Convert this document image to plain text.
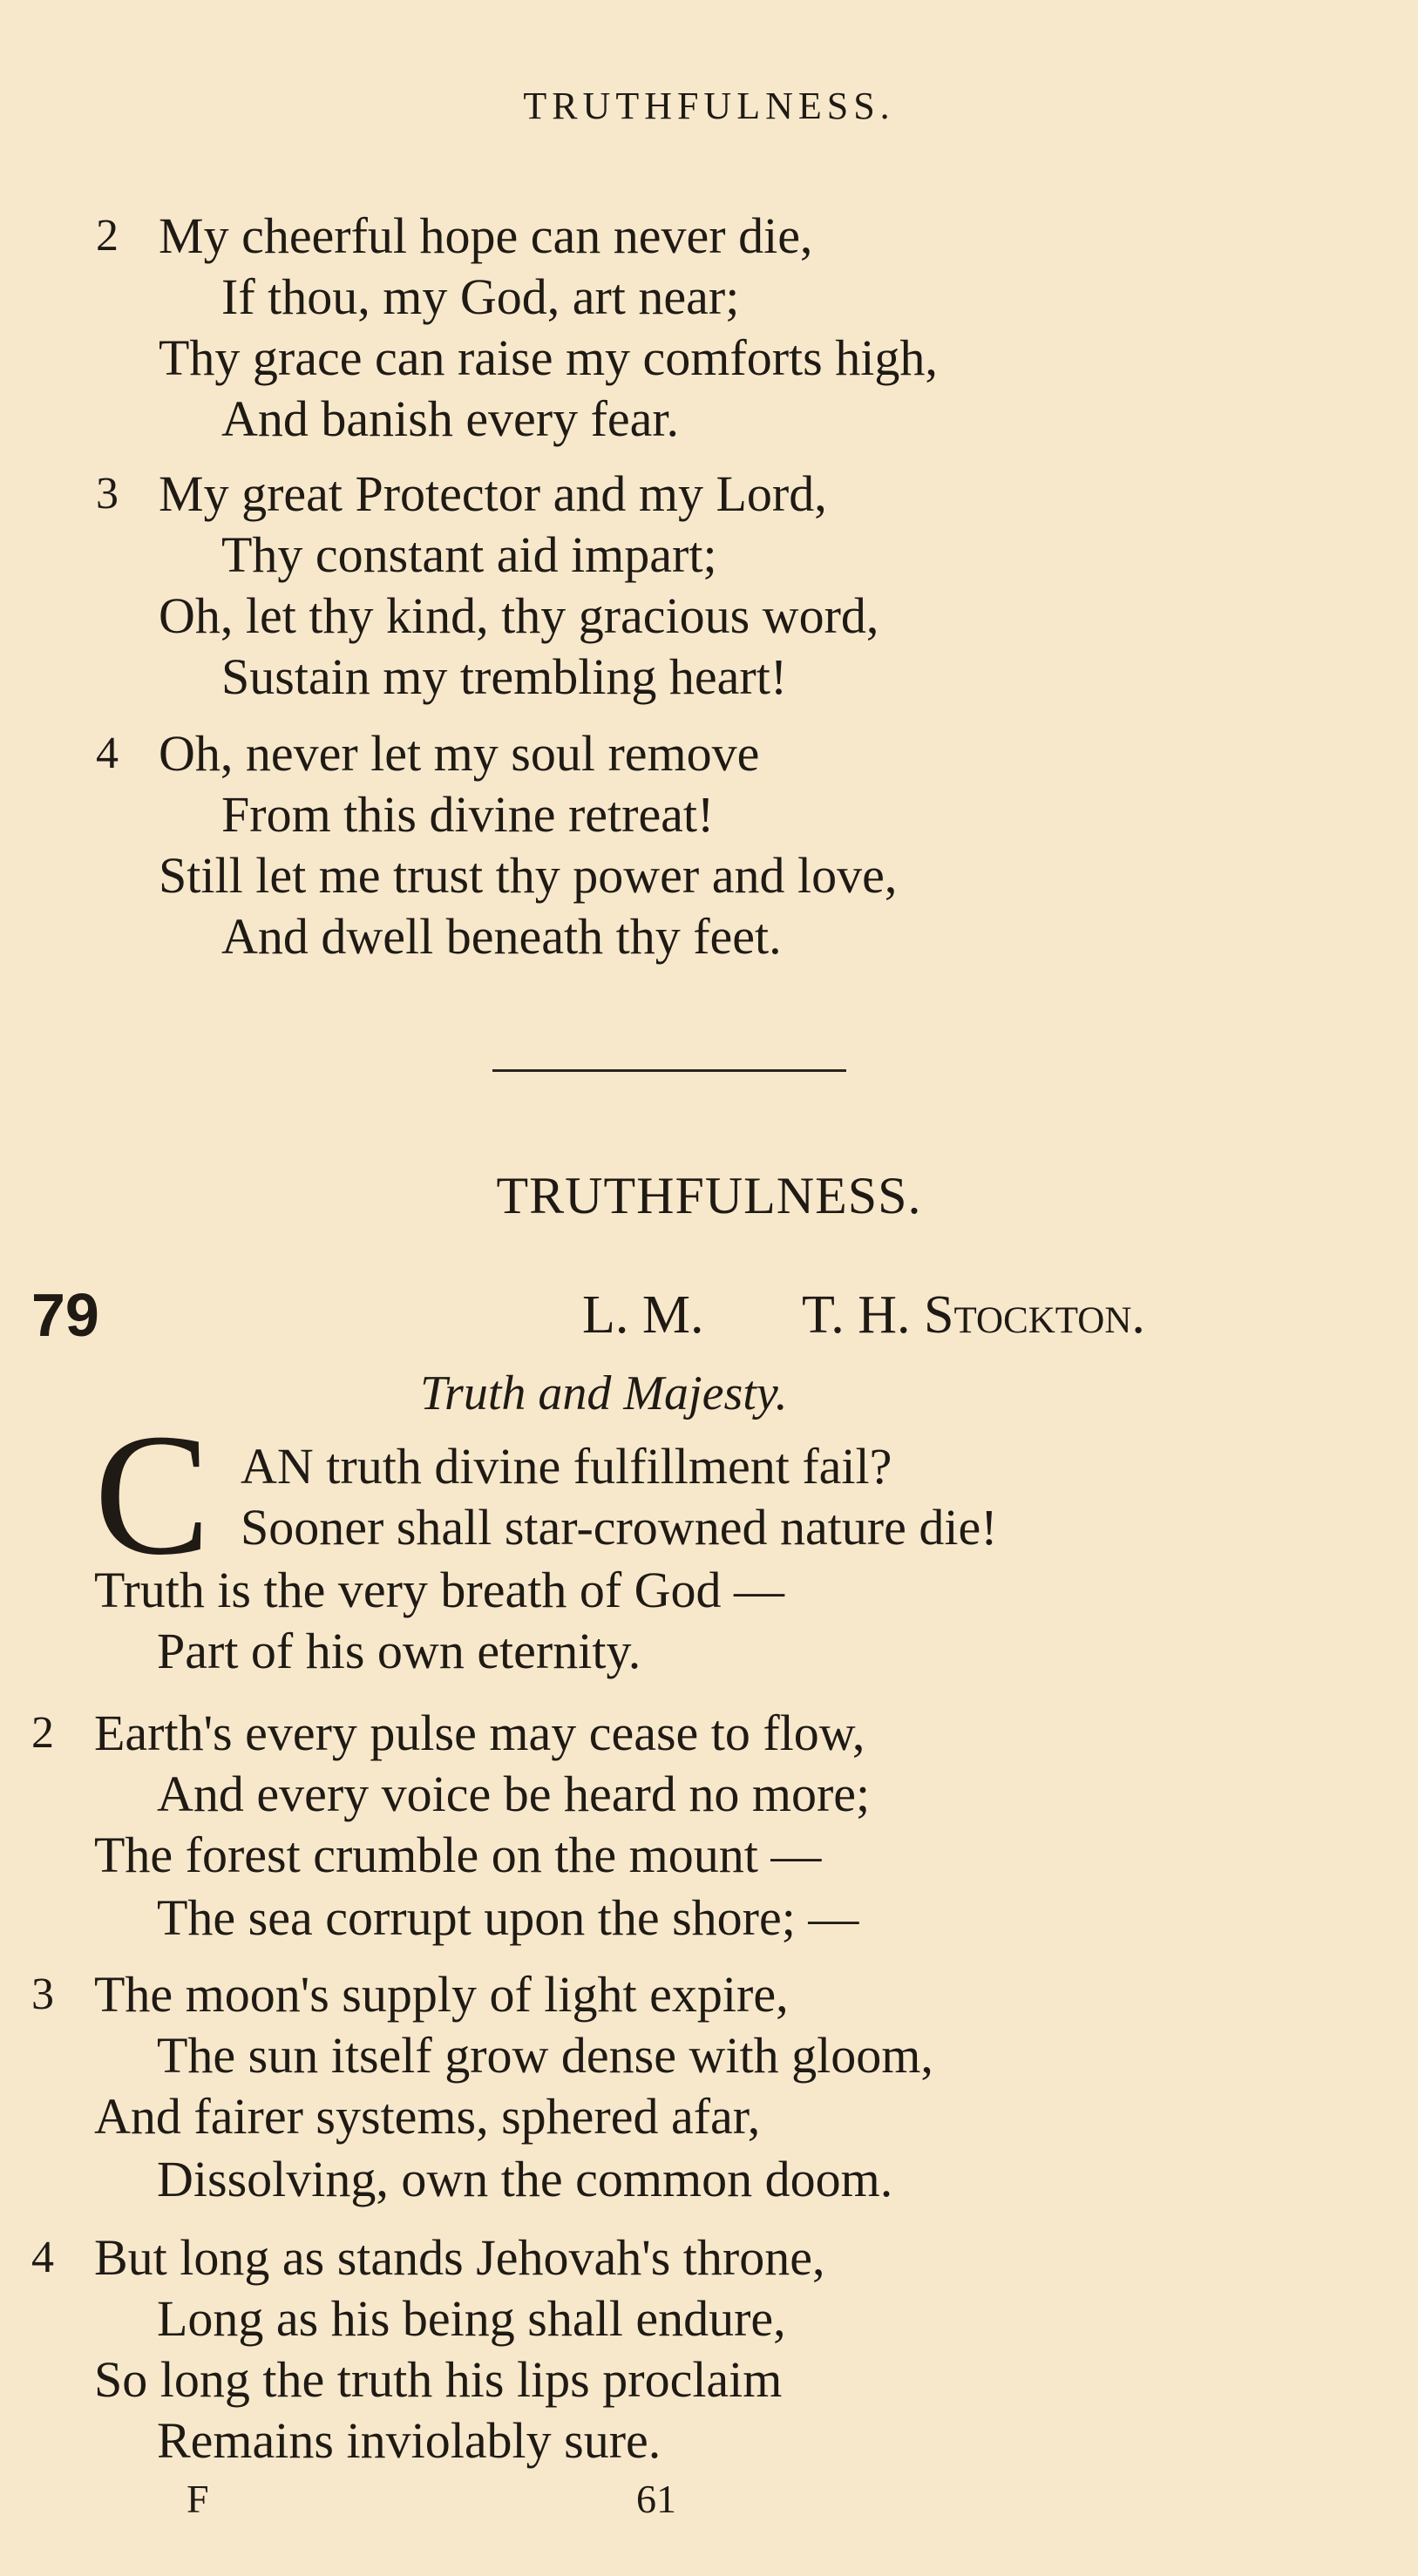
TRUTHFULNESS.
2 My cheerful hope can never die,
If thou, my God, art near;
Thy grace can raise my comforts high,
And banish every fear.
3 My great Protector and my Lord,
Thy constant aid impart;
Oh, let thy kind, thy gracious word,
Sustain my trembling heart!
4 Oh, never let my soul remove
From this divine retreat!
Still let me trust thy power and love,
And dwell beneath thy feet.
TRUTHFULNESS.
79	L. M. T. H. Stockton.
Truth and Majesty.
C AN truth divine fulfillment fail?
Sooner shall star-crowned nature die!
Truth is the very breath of God —
Part of his own eternity.
2 Earth's every pulse may cease to flow,
And every voice be heard no more;
The forest crumble on the mount —
The sea corrupt upon the shore; —
3 The moon's supply of light expire,
The sun itself grow dense with gloom,
And fairer systems, sphered afar,
Dissolving, own the common doom.
4 But long as stands Jehovah's throne,
Long as his being shall endure,
So long the truth his lips proclaim
Remains inviolably sure.
F	61
